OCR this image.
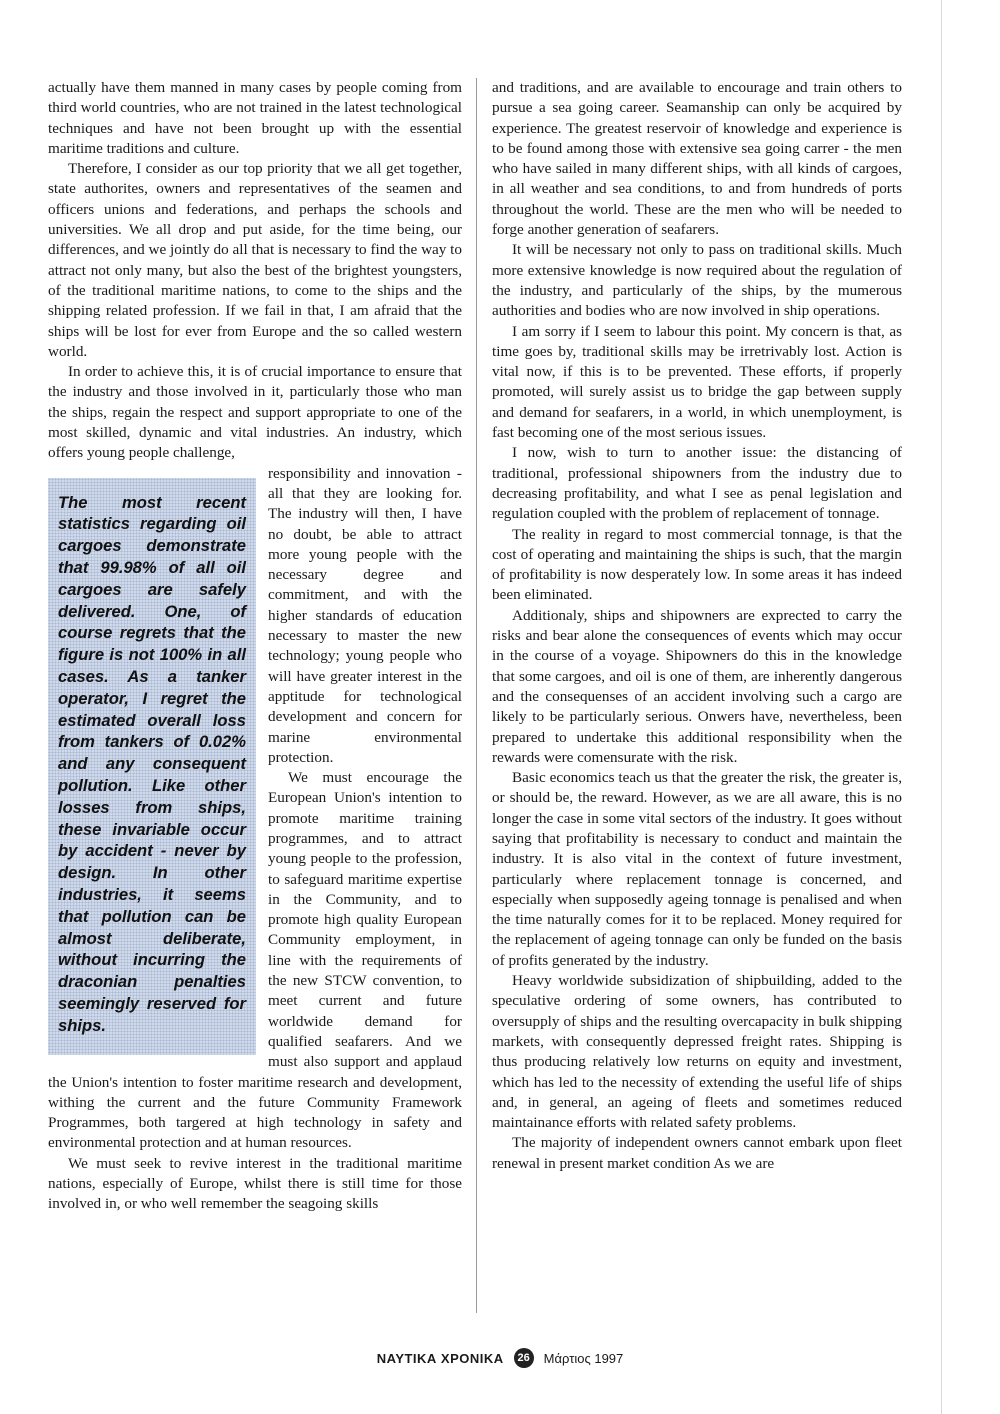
actually have them manned in many cases by people coming from third world countries, who are not trained in the latest technological techniques and have not been brought up with the essential maritime traditions and culture.

Therefore, I consider as our top priority that we all get together, state authorites, owners and representatives of the seamen and officers unions and federations, and perhaps the schools and universities. We all drop and put aside, for the time being, our differences, and we jointly do all that is necessary to find the way to attract not only many, but also the best of the brightest youngsters, of the traditional maritime nations, to come to the ships and the shipping related profession. If we fail in that, I am afraid that the ships will be lost for ever from Europe and the so called western world.

In order to achieve this, it is of crucial importance to ensure that the industry and those involved in it, particularly those who man the ships, regain the respect and support appropriate to one of the most skilled, dynamic and vital industries. An industry, which offers young people challenge,

The most recent statistics regarding oil cargoes demonstrate that 99.98% of all oil cargoes are safely delivered. One, of course regrets that the figure is not 100% in all cases. As a tanker operator, I regret the estimated overall loss from tankers of 0.02% and any consequent pollution. Like other losses from ships, these invariable occur by accident - never by design. In other industries, it seems that pollution can be almost deliberate, without incurring the draconian penalties seemingly reserved for ships.

responsibility and innovation - all that they are looking for. The industry will then, I have no doubt, be able to attract more young people with the necessary degree and commitment, and with the higher standards of education necessary to master the new technology; young people who will have greater interest in the apptitude for technological development and concern for marine environmental protection.

We must encourage the European Union's intention to promote maritime training programmes, and to attract young people to the profession, to safeguard maritime expertise in the Community, and to promote high quality European Community employment, in line with the requirements of the new STCW convention, to meet current and future worldwide demand for qualified seafarers. And we must also support and applaud the Union's intention to foster maritime research and development, withing the current and the future Community Framework Programmes, both targered at high technology in safety and environmental protection and at human resources.

We must seek to revive interest in the traditional maritime nations, especially of Europe, whilst there is still time for those involved in, or who well remember the seagoing skills

and traditions, and are available to encourage and train others to pursue a sea going career. Seamanship can only be acquired by experience. The greatest reservoir of knowledge and experience is to be found among those with extensive sea going carrer - the men who have sailed in many different ships, with all kinds of cargoes, in all weather and sea conditions, to and from hundreds of ports throughout the world. These are the men who will be needed to forge another generation of seafarers.

It will be necessary not only to pass on traditional skills. Much more extensive knowledge is now required about the regulation of the industry, and particularly of the ships, by the mumerous authorities and bodies who are now involved in ship operations.

I am sorry if I seem to labour this point. My concern is that, as time goes by, traditional skills may be irretrivably lost. Action is vital now, if this is to be prevented. These efforts, if properly promoted, will surely assist us to bridge the gap between supply and demand for seafarers, in a world, in which unemployment, is fast becoming one of the most serious issues.

I now, wish to turn to another issue: the distancing of traditional, professional shipowners from the industry due to decreasing profitability, and what I see as penal legislation and regulation coupled with the problem of replacement of tonnage.

The reality in regard to most commercial tonnage, is that the cost of operating and maintaining the ships is such, that the margin of profitability is now desperately low. In some areas it has indeed been eliminated.

Additionaly, ships and shipowners are exprected to carry the risks and bear alone the consequences of events which may occur in the course of a voyage. Shipowners do this in the knowledge that some cargoes, and oil is one of them, are inherently dangerous and the consequenses of an accident involving such a cargo are likely to be particularly serious. Onwers have, nevertheless, been prepared to undertake this additional responsibility when the rewards were comensurate with the risk.

Basic economics teach us that the greater the risk, the greater is, or should be, the reward. However, as we are all aware, this is no longer the case in some vital sectors of the industry. It goes without saying that profitability is necessary to conduct and maintain the industry. It is also vital in the context of future investment, particularly where replacement tonnage is concerned, and especially when supposedly ageing tonnage is penalised and when the time naturally comes for it to be replaced. Money required for the replacement of ageing tonnage can only be funded on the basis of profits generated by the industry.

Heavy worldwide subsidization of shipbuilding, added to the speculative ordering of some owners, has contributed to oversupply of ships and the resulting overcapacity in bulk shipping markets, with consequently depressed freight rates. Shipping is thus producing relatively low returns on equity and investment, which has led to the necessity of extending the useful life of ships and, in general, an ageing of fleets and sometimes reduced maintainance efforts with related safety problems.

The majority of independent owners cannot embark upon fleet renewal in present market condition As we are

ΝΑΥΤΙΚΑ ΧΡΟΝΙΚΑ	26 Μάρτιος 1997
